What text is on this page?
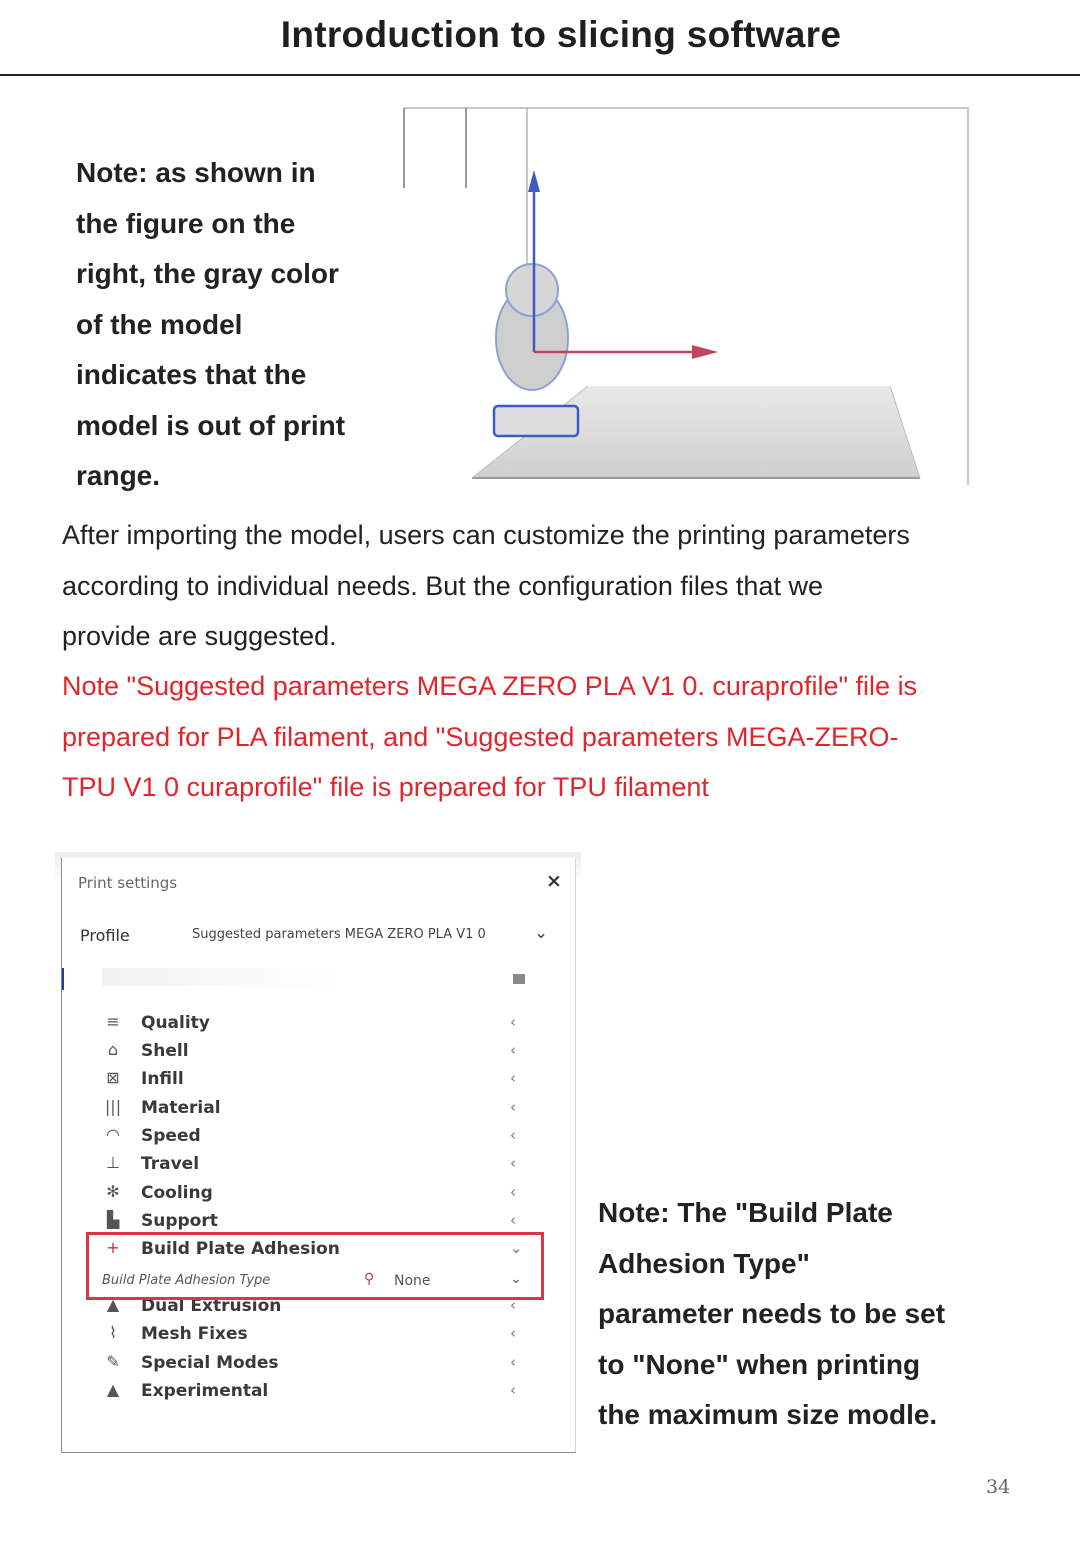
Introduction to slicing software
Note: as shown in
the figure on the
right, the gray color
of the model
indicates that the
model is out of print
range.
After importing the model, users can customize the printing parameters
according to individual needs. But the configuration files that we
provide are suggested.
Note "Suggested parameters MEGA ZERO PLA V1 0. curaprofile" file is
prepared for PLA filament, and "Suggested parameters MEGA-ZERO-
TPU V1 0 curaprofile" file is prepared for TPU filament
Print settings	×
Profile	Suggested parameters MEGA ZERO PLA V1 0	⌄
≡ Quality	‹
⌂	Shell	‹
⊠ Infill	‹
||| Material	‹
◠ Speed	‹
⊥ Travel	‹
✻ Cooling	‹
▙ Support	‹
+ Build Plate Adhesion	⌄
▲ Dual Extrusion	‹
⌇	Mesh Fixes	‹
✎ Special Modes	‹
▲ Experimental	‹
Build Plate Adhesion Type	⚲ None	⌄
Note: The "Build Plate
Adhesion Type"
parameter needs to be set
to "None" when printing
the maximum size modle.
34
